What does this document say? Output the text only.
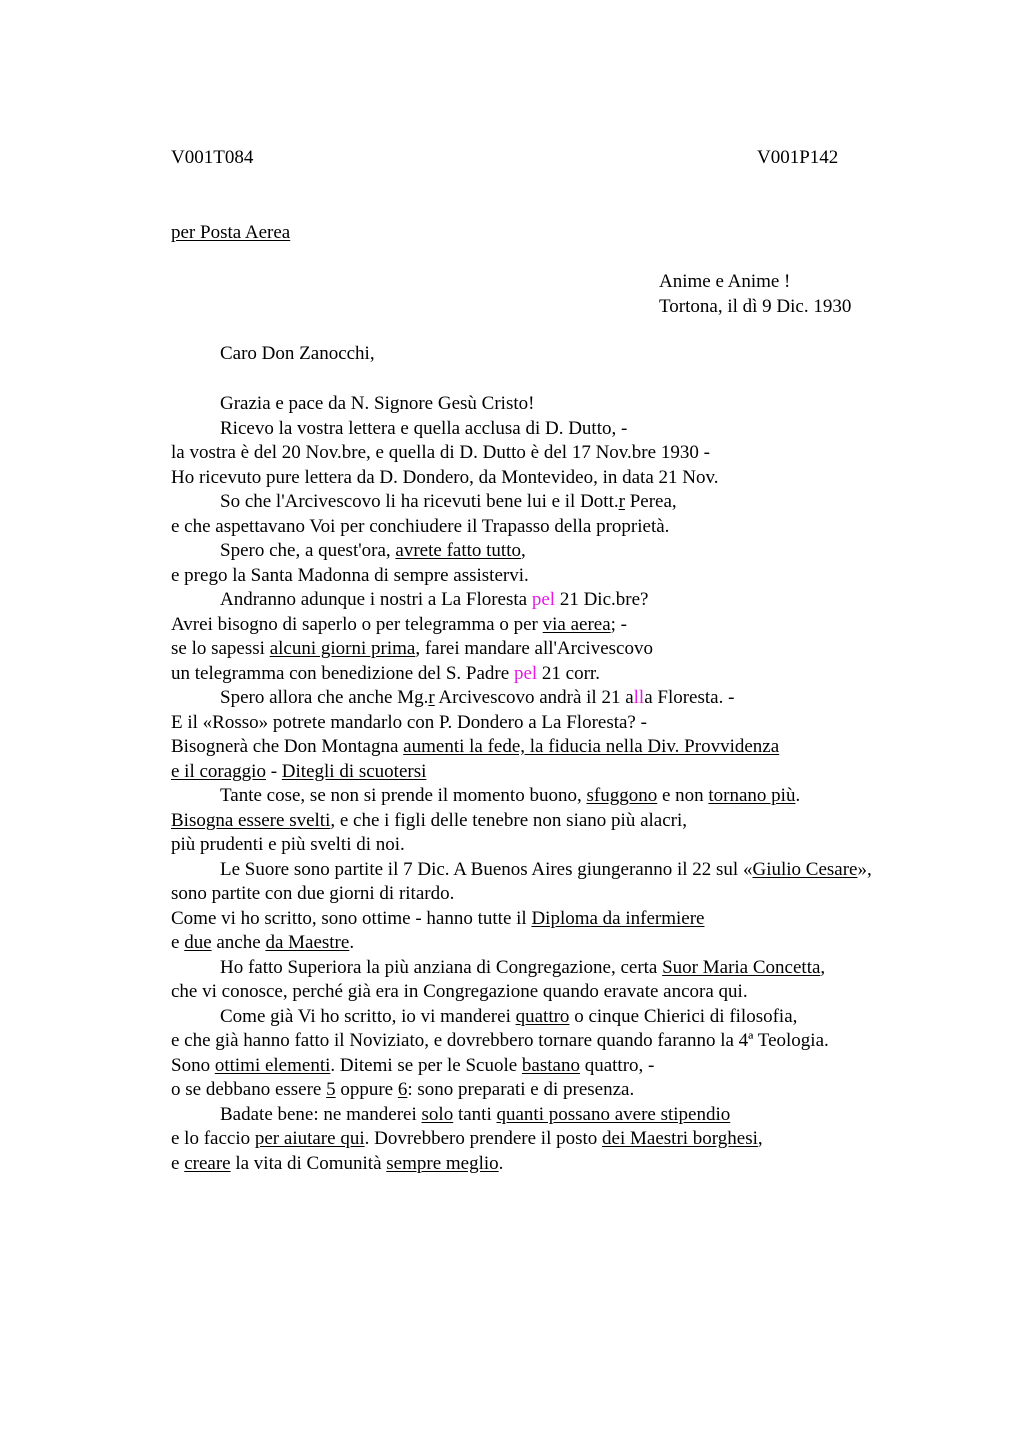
V001T084	V001P142
per Posta Aerea
Anime e Anime !
Tortona, il dì 9 Dic. 1930
Caro Don Zanocchi,
Grazia e pace da N. Signore Gesù Cristo!
Ricevo la vostra lettera e quella acclusa di D. Dutto, -
la vostra è del 20 Nov.bre, e quella di D. Dutto è del 17 Nov.bre 1930 -
Ho ricevuto pure lettera da D. Dondero, da Montevideo, in data 21 Nov.
So che l'Arcivescovo li ha ricevuti bene lui e il Dott.r Perea,
e che aspettavano Voi per conchiudere il Trapasso della proprietà.
Spero che, a quest'ora, avrete fatto tutto,
e prego la Santa Madonna di sempre assistervi.
Andranno adunque i nostri a La Floresta pel 21 Dic.bre?
Avrei bisogno di saperlo o per telegramma o per via aerea; -
se lo sapessi alcuni giorni prima, farei mandare all'Arcivescovo
un telegramma con benedizione del S. Padre pel 21 corr.
Spero allora che anche Mg.r Arcivescovo andrà il 21 alla Floresta. -
E il «Rosso» potrete mandarlo con P. Dondero a La Floresta? -
Bisognerà che Don Montagna aumenti la fede, la fiducia nella Div. Provvidenza
e il coraggio - Ditegli di scuotersi
Tante cose, se non si prende il momento buono, sfuggono e non tornano più.
Bisogna essere svelti, e che i figli delle tenebre non siano più alacri,
più prudenti e più svelti di noi.
Le Suore sono partite il 7 Dic. A Buenos Aires giungeranno il 22 sul «Giulio Cesare»,
sono partite con due giorni di ritardo.
Come vi ho scritto, sono ottime - hanno tutte il Diploma da infermiere
e due anche da Maestre.
Ho fatto Superiora la più anziana di Congregazione, certa Suor Maria Concetta,
che vi conosce, perché già era in Congregazione quando eravate ancora qui.
Come già Vi ho scritto, io vi manderei quattro o cinque Chierici di filosofia,
e che già hanno fatto il Noviziato, e dovrebbero tornare quando faranno la 4ª Teologia.
Sono ottimi elementi. Ditemi se per le Scuole bastano quattro, -
o se debbano essere 5 oppure 6: sono preparati e di presenza.
Badate bene: ne manderei solo tanti quanti possano avere stipendio
e lo faccio per aiutare qui. Dovrebbero prendere il posto dei Maestri borghesi,
e creare la vita di Comunità sempre meglio.
